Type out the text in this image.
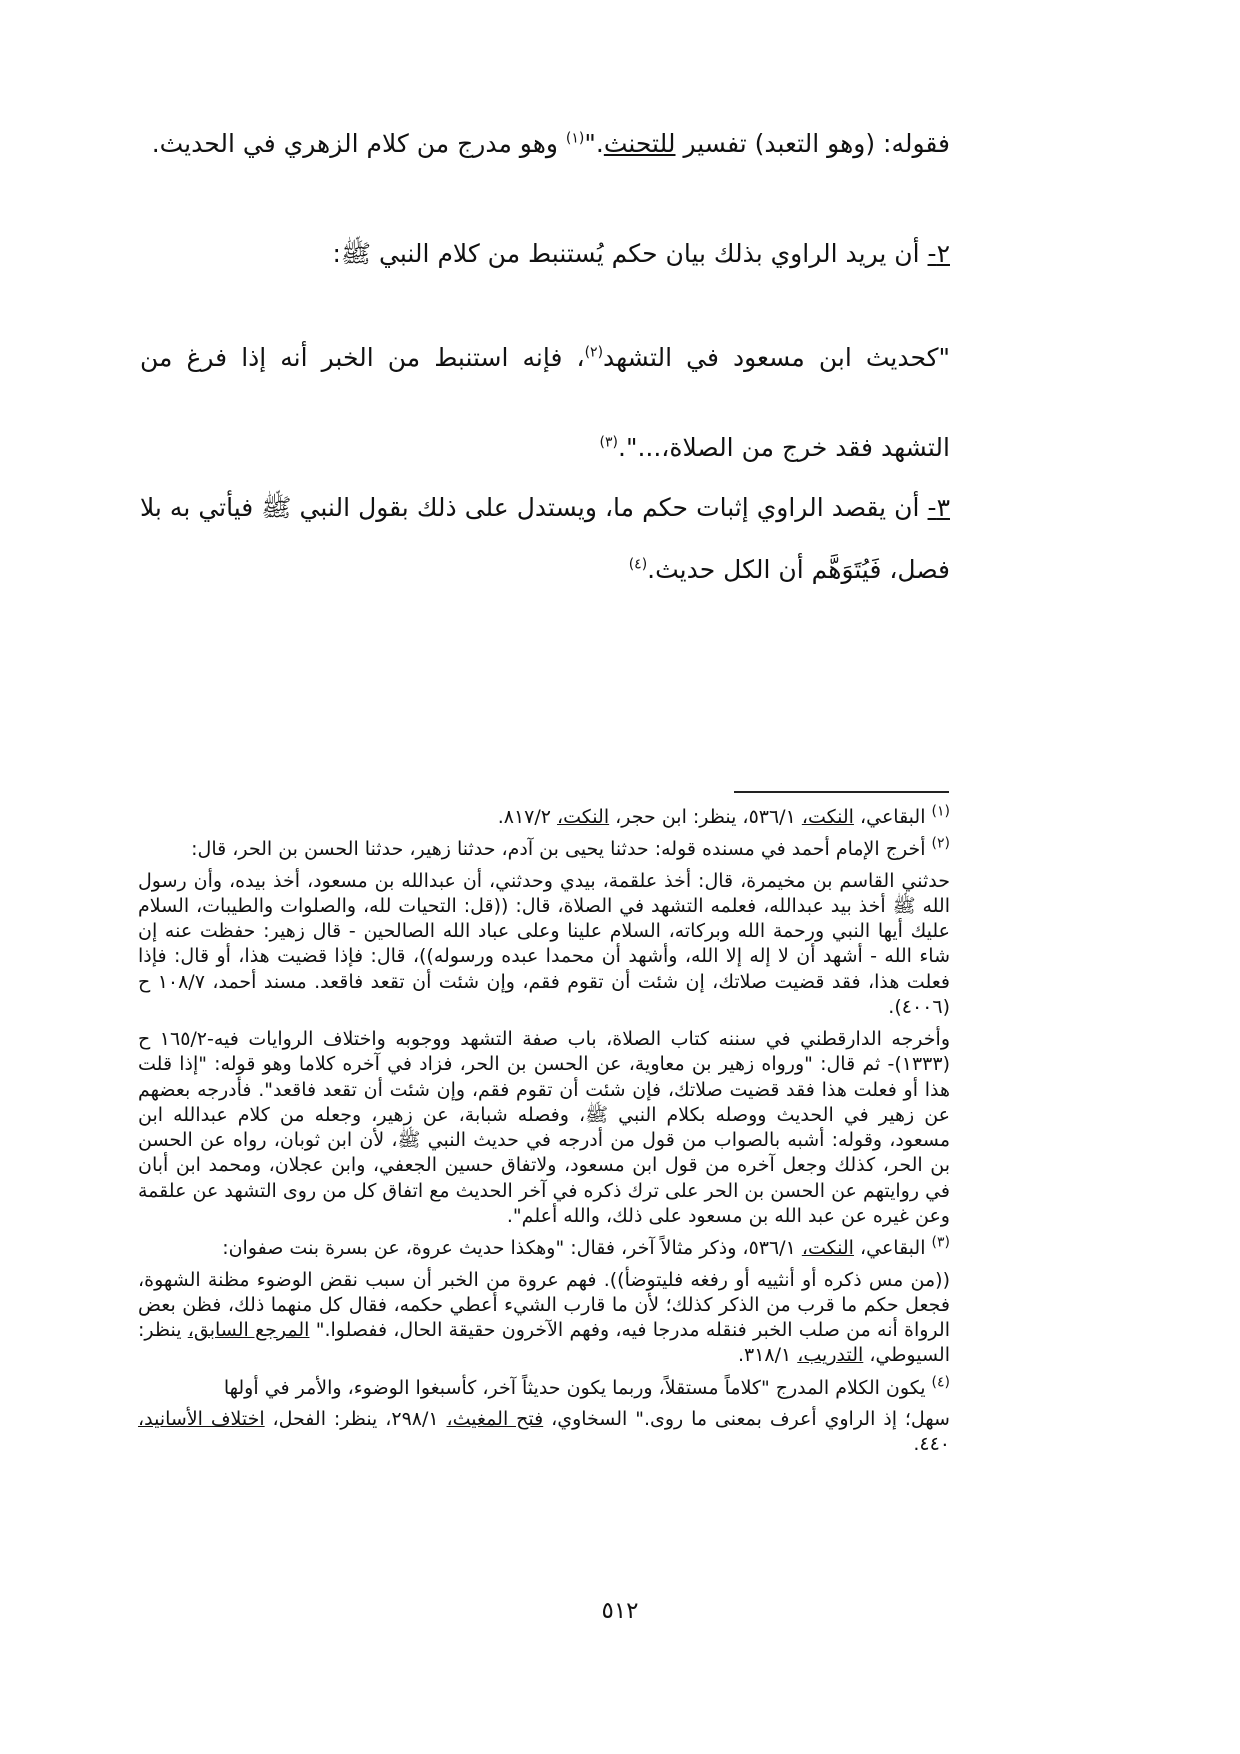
فقوله: (وهو التعبد) تفسير للتحنث."$^{(١)}$ وهو مدرج من كلام الزهري في الحديث.

٢- أن يريد الراوي بذلك بيان حكم يُستنبط من كلام النبي ﷺ:

"كحديث ابن مسعود في التشهد$^{(٢)}$، فإنه استنبط من الخبر أنه إذا فرغ من التشهد فقد خرج من الصلاة،...".$^{(٣)}$

٣- أن يقصد الراوي إثبات حكم ما، ويستدل على ذلك بقول النبي ﷺ فيأتي به بلا فصل، فَيُتَوَهَّم أن الكل حديث.$^{(٤)}$

$^{(١)}$ البقاعي، النكت، ٥٣٦/١، ينظر: ابن حجر، النكت، ٨١٧/٢.

$^{(٢)}$ أخرج الإمام أحمد في مسنده قوله: حدثنا يحيى بن آدم، حدثنا زهير، حدثنا الحسن بن الحر، قال:
حدثني القاسم بن مخيمرة، قال: أخذ علقمة، بيدي وحدثني، أن عبدالله بن مسعود، أخذ بيده، وأن رسول الله ﷺ أخذ بيد عبدالله، فعلمه التشهد في الصلاة، قال: ((قل: التحيات لله، والصلوات والطيبات، السلام عليك أيها النبي ورحمة الله وبركاته، السلام علينا وعلى عباد الله الصالحين - قال زهير: حفظت عنه إن شاء الله - أشهد أن لا إله إلا الله، وأشهد أن محمدا عبده ورسوله))، قال: فإذا قضيت هذا، أو قال: فإذا فعلت هذا، فقد قضيت صلاتك، إن شئت أن تقوم فقم، وإن شئت أن تقعد فاقعد. مسند أحمد، ١٠٨/٧ ح (٤٠٠٦).

وأخرجه الدارقطني في سننه كتاب الصلاة، باب صفة التشهد ووجوبه واختلاف الروايات فيه-١٦٥/٢ ح (١٣٣٣)- ثم قال: "ورواه زهير بن معاوية، عن الحسن بن الحر، فزاد في آخره كلاما وهو قوله: "إذا قلت هذا أو فعلت هذا فقد قضيت صلاتك، فإن شئت أن تقوم فقم، وإن شئت أن تقعد فاقعد". فأدرجه بعضهم عن زهير في الحديث ووصله بكلام النبي ﷺ، وفصله شبابة، عن زهير، وجعله من كلام عبدالله ابن مسعود، وقوله: أشبه بالصواب من قول من أدرجه في حديث النبي ﷺ، لأن ابن ثوبان، رواه عن الحسن بن الحر، كذلك وجعل آخره من قول ابن مسعود، ولاتفاق حسين الجعفي، وابن عجلان، ومحمد ابن أبان في روايتهم عن الحسن بن الحر على ترك ذكره في آخر الحديث مع اتفاق كل من روى التشهد عن علقمة وعن غيره عن عبد الله بن مسعود على ذلك، والله أعلم".

$^{(٣)}$ البقاعي، النكت، ٥٣٦/١، وذكر مثالاً آخر، فقال: "وهكذا حديث عروة، عن بسرة بنت صفوان:
((من مس ذكره أو أنثييه أو رفغه فليتوضأ)). فهم عروة من الخبر أن سبب نقض الوضوء مظنة الشهوة، فجعل حكم ما قرب من الذكر كذلك؛ لأن ما قارب الشيء أعطي حكمه، فقال كل منهما ذلك، فظن بعض الرواة أنه من صلب الخبر فنقله مدرجا فيه، وفهم الآخرون حقيقة الحال، ففصلوا." المرجع السابق، ينظر: السيوطي، التدريب، ٣١٨/١.

$^{(٤)}$ يكون الكلام المدرج "كلاماً مستقلاً، وربما يكون حديثاً آخر، كأسبغوا الوضوء، والأمر في أولها
سهل؛ إذ الراوي أعرف بمعنى ما روى." السخاوي، فتح المغيث، ٢٩٨/١، ينظر: الفحل، اختلاف الأسانيد، ٤٤٠.

٥١٢
